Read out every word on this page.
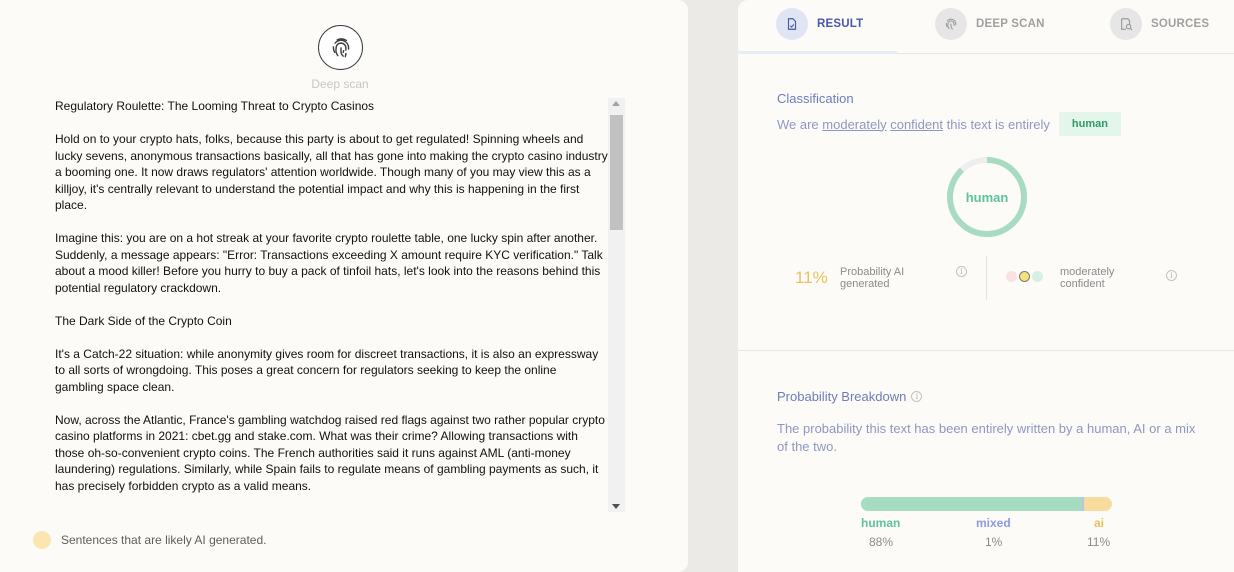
Deep scan

Regulatory Roulette: The Looming Threat to Crypto Casinos

Hold on to your crypto hats, folks, because this party is about to get regulated! Spinning wheels and lucky sevens, anonymous transactions basically, all that has gone into making the crypto casino industry a booming one. It now draws regulators' attention worldwide. Though many of you may view this as a killjoy, it's centrally relevant to understand the potential impact and why this is happening in the first place.

Imagine this: you are on a hot streak at your favorite crypto roulette table, one lucky spin after another. Suddenly, a message appears: "Error: Transactions exceeding X amount require KYC verification." Talk about a mood killer! Before you hurry to buy a pack of tinfoil hats, let's look into the reasons behind this potential regulatory crackdown.

The Dark Side of the Crypto Coin

It's a Catch-22 situation: while anonymity gives room for discreet transactions, it is also an expressway to all sorts of wrongdoing. This poses a great concern for regulators seeking to keep the online gambling space clean.

Now, across the Atlantic, France's gambling watchdog raised red flags against two rather popular crypto casino platforms in 2021: cbet.gg and stake.com. What was their crime? Allowing transactions with those oh-so-convenient crypto coins. The French authorities said it runs against AML (anti-money laundering) regulations. Similarly, while Spain fails to regulate means of gambling payments as such, it has precisely forbidden crypto as a valid means.

Sentences that are likely AI generated.
RESULT	DEEP SCAN	SOURCES
Classification
We are moderately
confident this text is entirely	human
human
11% Probability AI
generated
i	moderately
confident
i
Probability Breakdown	i
The probability this text has been entirely written by a human, AI or a mix of the two.
human
88%
mixed
1%
ai
11%
